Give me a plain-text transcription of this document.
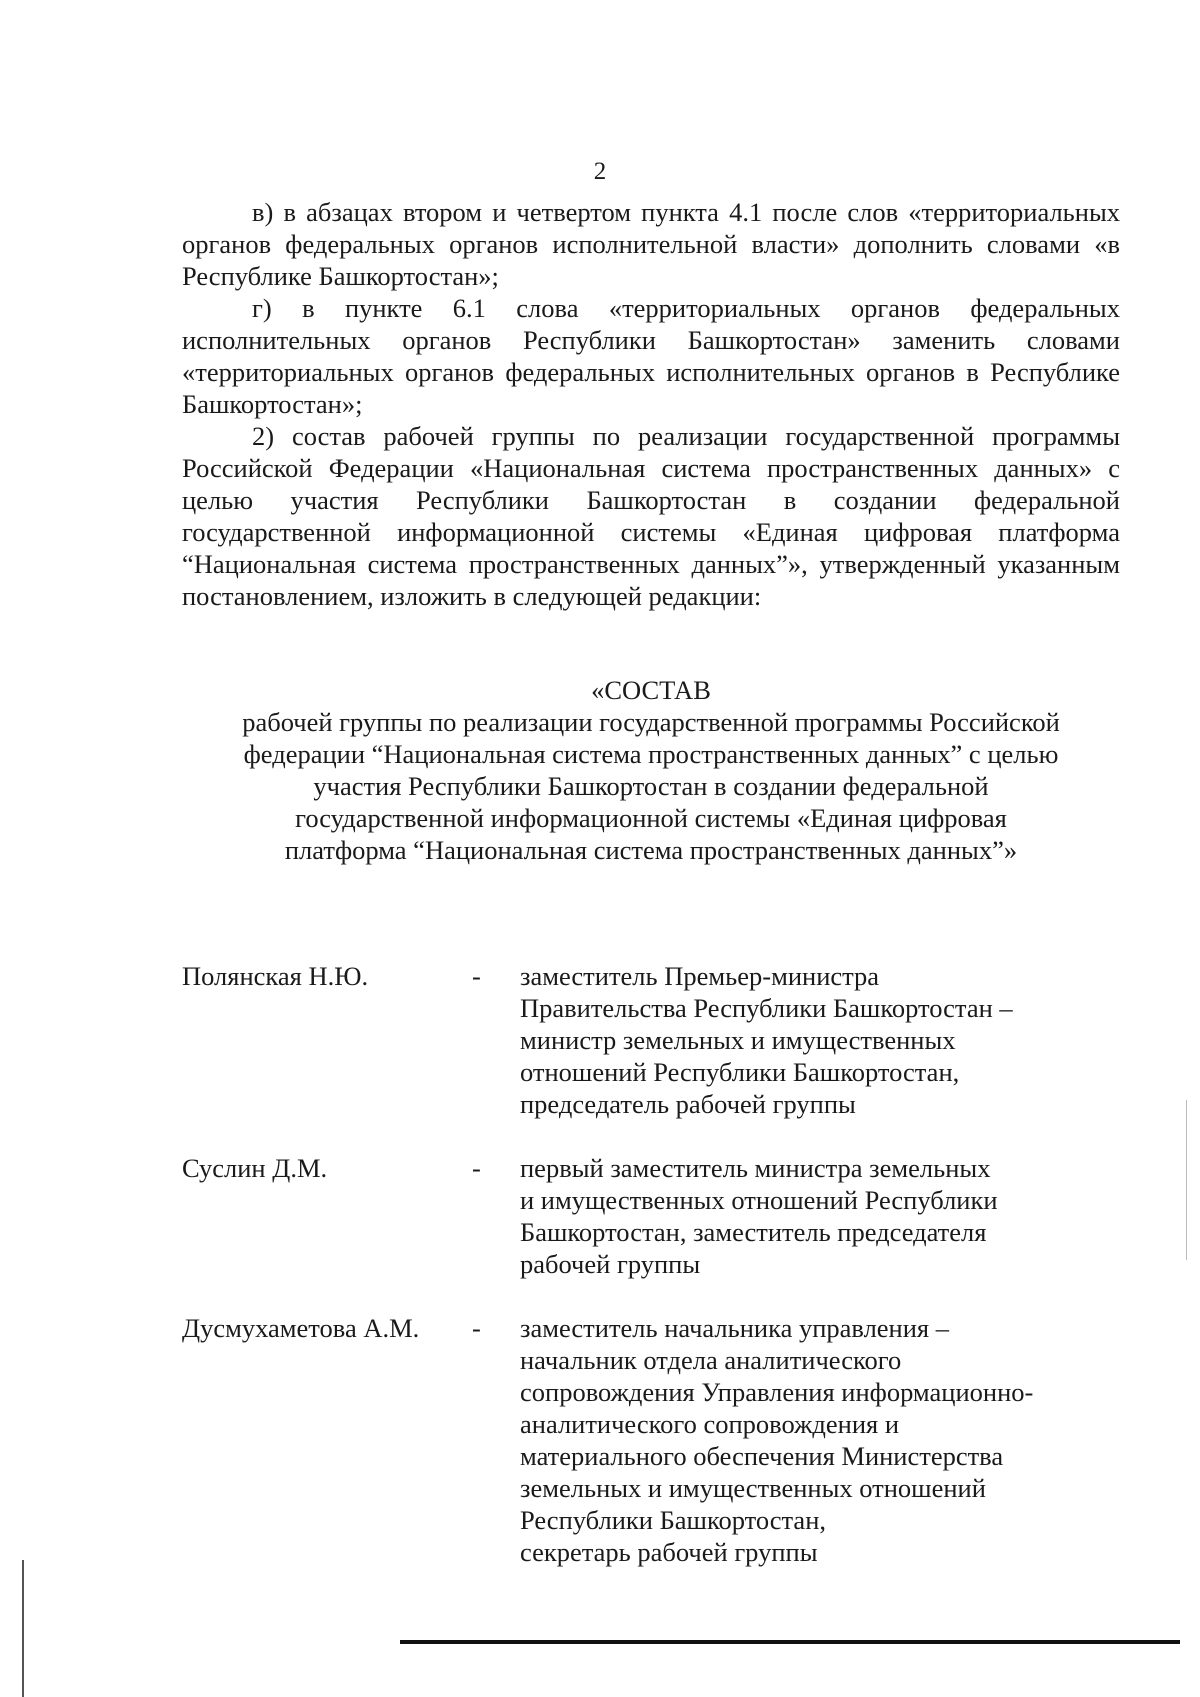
2

в) в абзацах втором и четвертом пункта 4.1 после слов «территориальных органов федеральных органов исполнительной власти» дополнить словами «в Республике Башкортостан»;

г) в пункте 6.1 слова «территориальных органов федеральных исполнительных органов Республики Башкортостан» заменить словами «территориальных органов федеральных исполнительных органов в Республике Башкортостан»;

2) состав рабочей группы по реализации государственной программы Российской Федерации «Национальная система пространственных данных» с целью участия Республики Башкортостан в создании федеральной государственной информационной системы «Единая цифровая платформа “Национальная система пространственных данных”», утвержденный указанным постановлением, изложить в следующей редакции:

«СОСТАВ
рабочей группы по реализации государственной программы Российской федерации “Национальная система пространственных данных” с целью участия Республики Башкортостан в создании федеральной государственной информационной системы «Единая цифровая платформа “Национальная система пространственных данных”»
Полянская Н.Ю.	-	заместитель Премьер-министра
Правительства Республики Башкортостан –
министр земельных и имущественных
отношений Республики Башкортостан,
председатель рабочей группы
Суслин Д.М.	-	первый заместитель министра земельных
и имущественных отношений Республики
Башкортостан, заместитель председателя
рабочей группы
Дусмухаметова А.М.	-	заместитель начальника управления –
начальник отдела аналитического
сопровождения Управления информационно-
аналитического сопровождения и
материального обеспечения Министерства
земельных и имущественных отношений
Республики Башкортостан,
секретарь рабочей группы
